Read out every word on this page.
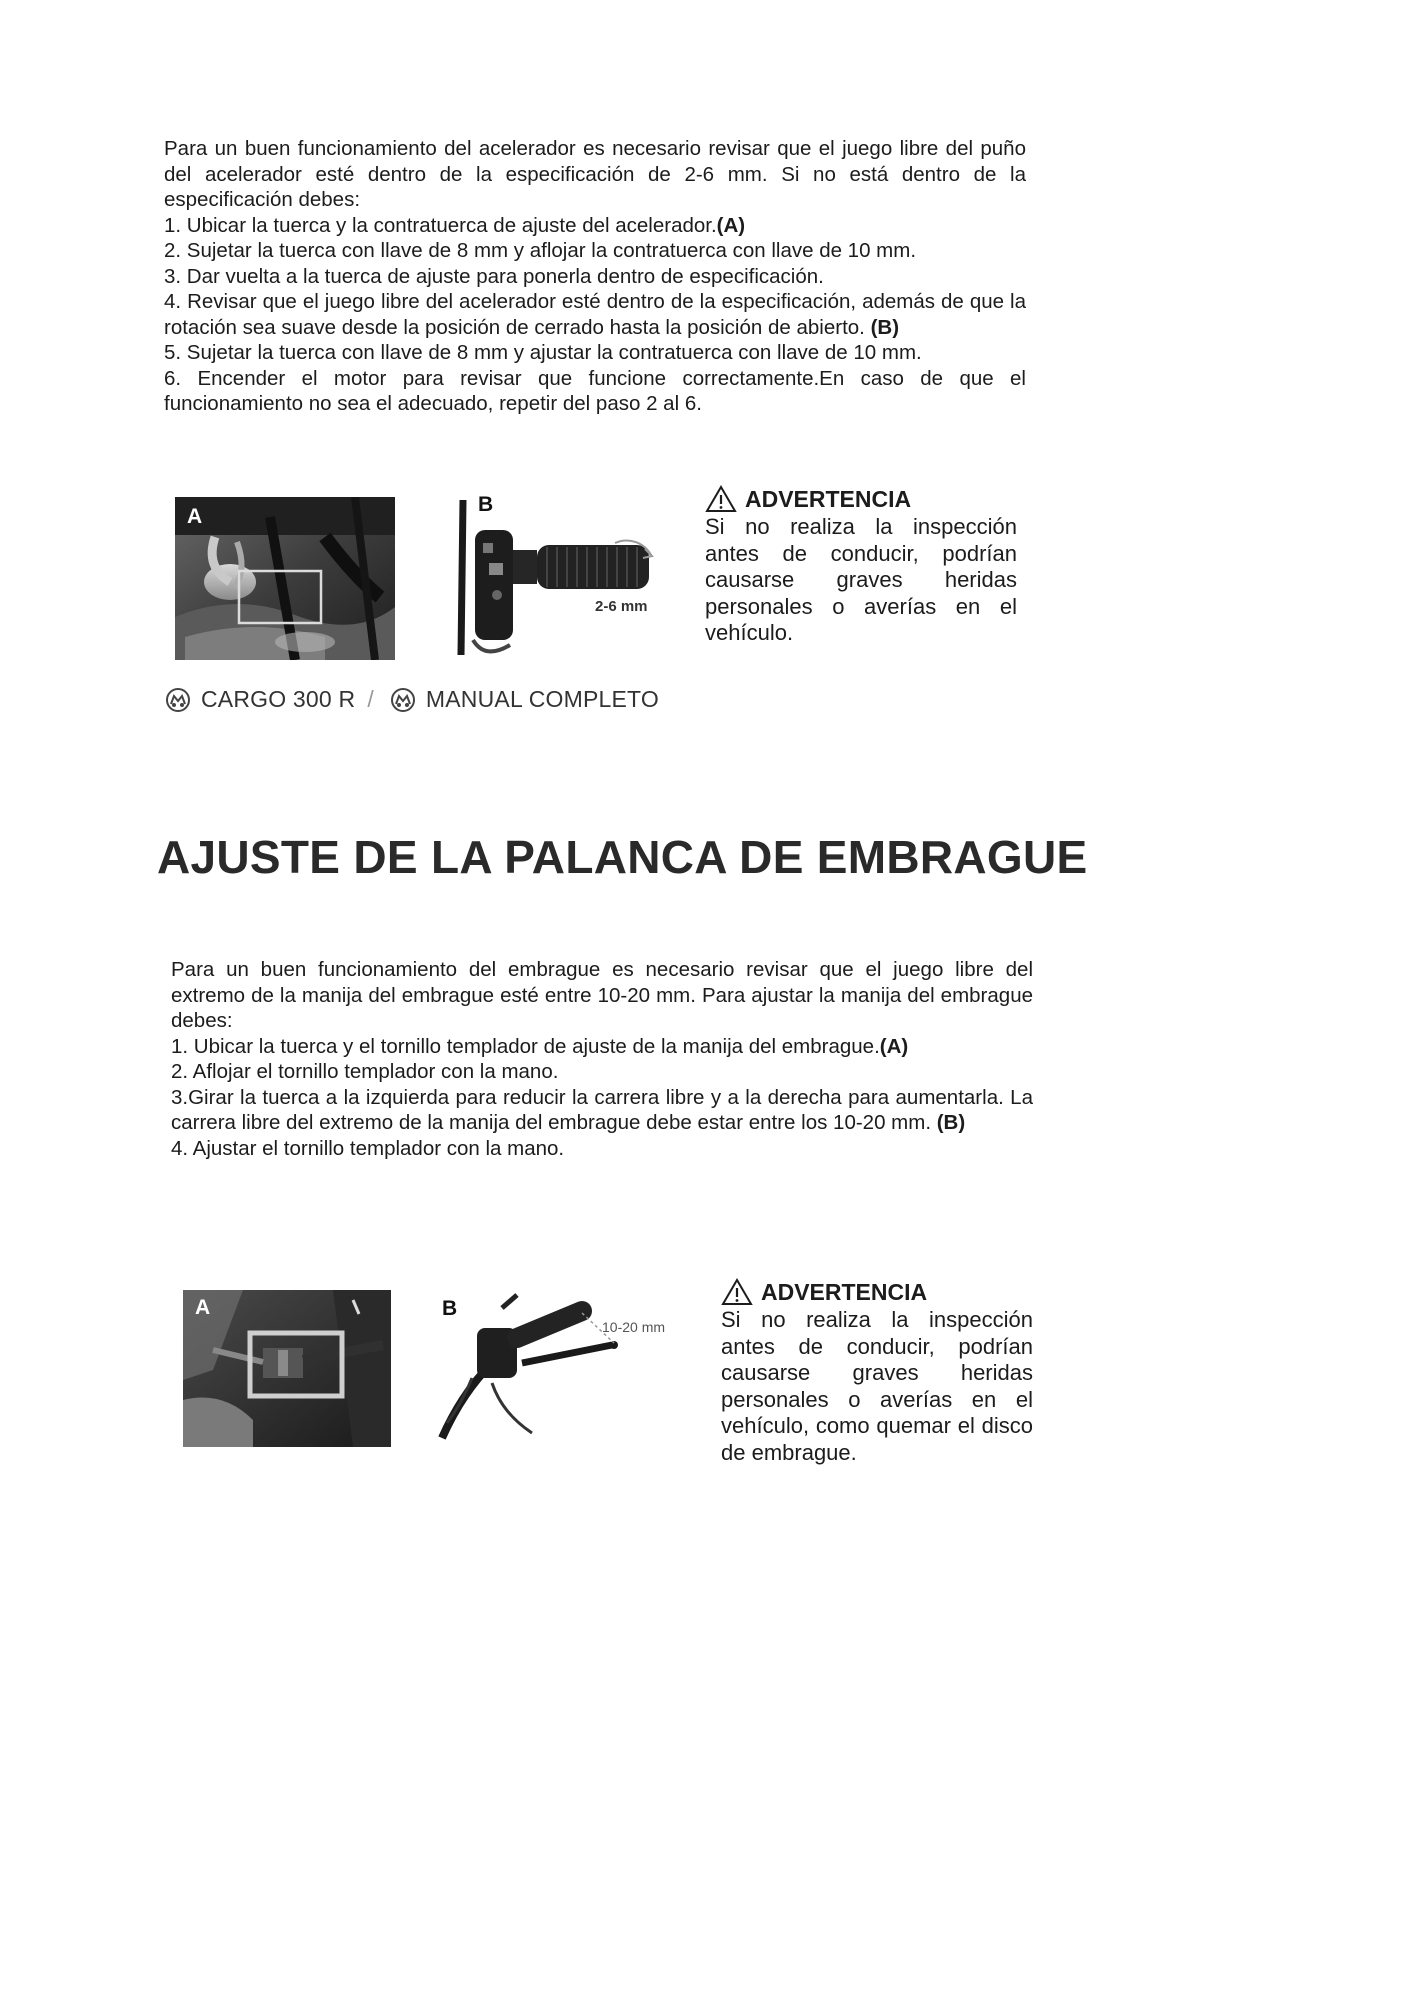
Para un buen funcionamiento del acelerador es necesario revisar que el juego libre del puño del acelerador esté dentro de la especificación de 2-6 mm. Si no está dentro de la especificación debes:

1. Ubicar la tuerca y la contratuerca de ajuste del acelerador.(A)

2. Sujetar la tuerca con llave de 8 mm y aflojar la contratuerca con llave de 10 mm.

3. Dar vuelta a la tuerca de ajuste para ponerla dentro de especificación.

4. Revisar que el juego libre del acelerador esté dentro de la especificación, además de que la rotación sea suave desde la posición de cerrado hasta la posición de abierto. (B)

5. Sujetar la tuerca con llave de 8 mm y ajustar la contratuerca con llave de 10 mm.

6. Encender el motor para revisar que funcione correctamente.En caso de que el funcionamiento no sea el adecuado, repetir del paso 2 al 6.

A
B
2-6 mm
ADVERTENCIA
Si no realiza la inspección antes de conducir, podrían causarse graves heridas personales o averías en el vehículo.
CARGO 300 R / MANUAL COMPLETO
AJUSTE DE LA PALANCA DE EMBRAGUE

Para un buen funcionamiento del embrague es necesario revisar que el juego libre del extremo de la manija del embrague esté entre 10-20 mm. Para ajustar la manija del embrague debes:

1. Ubicar la tuerca y el tornillo templador de ajuste de la manija del embrague.(A)

2. Aflojar el tornillo templador con la mano.

3.Girar la tuerca a la izquierda para reducir la carrera libre y a la derecha para aumentarla. La carrera libre del extremo de la manija del embrague debe estar entre los 10-20 mm. (B)

4. Ajustar el tornillo templador con la mano.

A	B
10-20 mm
ADVERTENCIA
Si no realiza la inspección antes de conducir, podrían causarse graves heridas personales o averías en el vehículo, como quemar el disco de embrague.
